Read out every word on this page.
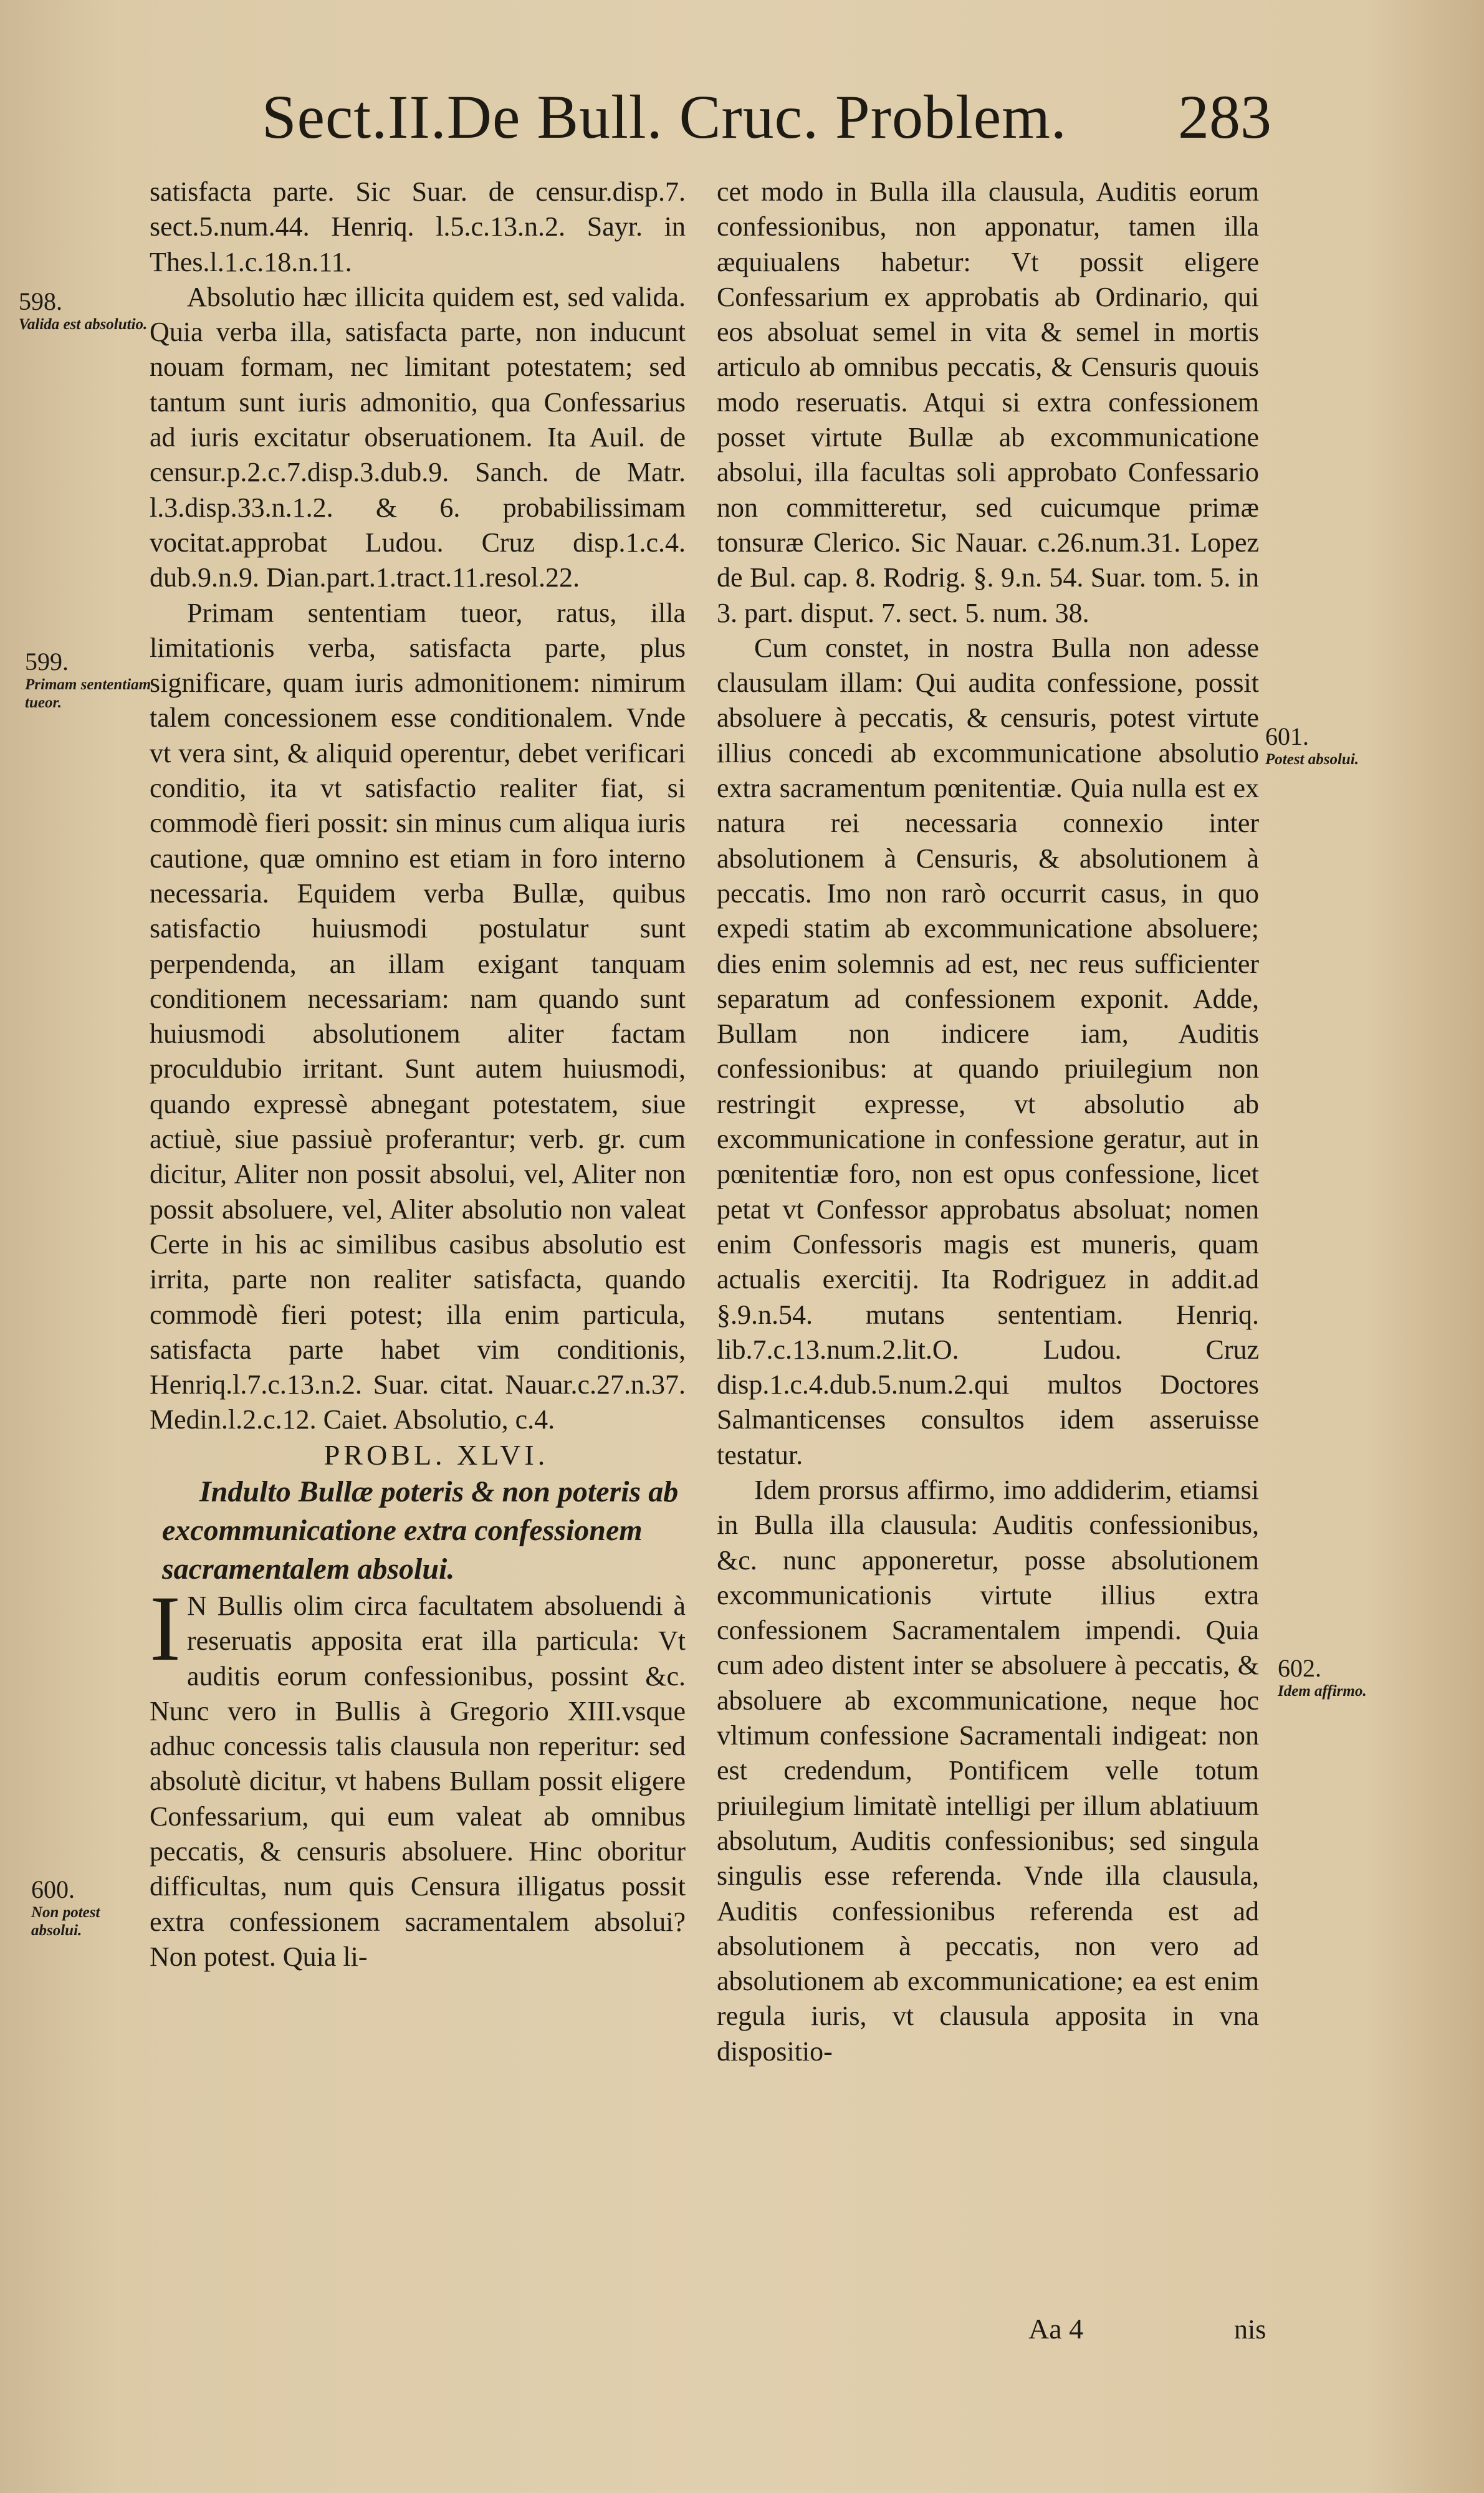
Sect.II.De Bull. Cruc. Problem. 283
598.
Valida est absolutio.
599.
Primam sententiam tueor.
600.
Non potest absolui.
601.
Potest absolui.
602.
Idem affirmo.

satisfacta parte. Sic Suar. de censur.disp.7. sect.5.num.44. Henriq. l.5.c.13.n.2. Sayr. in Thes.l.1.c.18.n.11.

Absolutio hæc illicita quidem est, sed valida. Quia verba illa, satisfacta parte, non inducunt nouam formam, nec limitant potestatem; sed tantum sunt iuris admonitio, qua Confessarius ad iuris excitatur obseruationem. Ita Auil. de censur.p.2.c.7.disp.3.dub.9. Sanch. de Matr. l.3.disp.33.n.1.2. & 6. probabilissimam vocitat.approbat Ludou. Cruz disp.1.c.4. dub.9.n.9. Dian.part.1.tract.11.resol.22.

Primam sententiam tueor, ratus, illa limitationis verba, satisfacta parte, plus significare, quam iuris admonitionem: nimirum talem concessionem esse conditionalem. Vnde vt vera sint, & aliquid operentur, debet verificari conditio, ita vt satisfactio realiter fiat, si commodè fieri possit: sin minus cum aliqua iuris cautione, quæ omnino est etiam in foro interno necessaria. Equidem verba Bullæ, quibus satisfactio huiusmodi postulatur sunt perpendenda, an illam exigant tanquam conditionem necessariam: nam quando sunt huiusmodi absolutionem aliter factam proculdubio irritant. Sunt autem huiusmodi, quando expressè abnegant potestatem, siue actiuè, siue passiuè proferantur; verb. gr. cum dicitur, Aliter non possit absolui, vel, Aliter non possit absoluere, vel, Aliter absolutio non valeat Certe in his ac similibus casibus absolutio est irrita, parte non realiter satisfacta, quando commodè fieri potest; illa enim particula, satisfacta parte habet vim conditionis, Henriq.l.7.c.13.n.2. Suar. citat. Nauar.c.27.n.37. Medin.l.2.c.12. Caiet. Absolutio, c.4.

PROBL. XLVI.

Indulto Bullæ poteris & non poteris ab excommunicatione extra confessionem sacramentalem absolui.

I N Bullis olim circa facultatem absoluendi à reseruatis apposita erat illa particula: Vt auditis eorum confessionibus, possint &c. Nunc vero in Bullis à Gregorio XIII.vsque adhuc concessis talis clausula non reperitur: sed absolutè dicitur, vt habens Bullam possit eligere Confessarium, qui eum valeat ab omnibus peccatis, & censuris absoluere. Hinc oboritur difficultas, num quis Censura illigatus possit extra confessionem sacramentalem absolui? Non potest. Quia li-

cet modo in Bulla illa clausula, Auditis eorum confessionibus, non apponatur, tamen illa æquiualens habetur: Vt possit eligere Confessarium ex approbatis ab Ordinario, qui eos absoluat semel in vita & semel in mortis articulo ab omnibus peccatis, & Censuris quouis modo reseruatis. Atqui si extra confessionem posset virtute Bullæ ab excommunicatione absolui, illa facultas soli approbato Confessario non committeretur, sed cuicumque primæ tonsuræ Clerico. Sic Nauar. c.26.num.31. Lopez de Bul. cap. 8. Rodrig. §. 9.n. 54. Suar. tom. 5. in 3. part. disput. 7. sect. 5. num. 38.

Cum constet, in nostra Bulla non adesse clausulam illam: Qui audita confessione, possit absoluere à peccatis, & censuris, potest virtute illius concedi ab excommunicatione absolutio extra sacramentum pœnitentiæ. Quia nulla est ex natura rei necessaria connexio inter absolutionem à Censuris, & absolutionem à peccatis. Imo non rarò occurrit casus, in quo expedi statim ab excommunicatione absoluere; dies enim solemnis ad est, nec reus sufficienter separatum ad confessionem exponit. Adde, Bullam non indicere iam, Auditis confessionibus: at quando priuilegium non restringit expresse, vt absolutio ab excommunicatione in confessione geratur, aut in pœnitentiæ foro, non est opus confessione, licet petat vt Confessor approbatus absoluat; nomen enim Confessoris magis est muneris, quam actualis exercitij. Ita Rodriguez in addit.ad §.9.n.54. mutans sententiam. Henriq. lib.7.c.13.num.2.lit.O. Ludou. Cruz disp.1.c.4.dub.5.num.2.qui multos Doctores Salmanticenses consultos idem asseruisse testatur.

Idem prorsus affirmo, imo addiderim, etiamsi in Bulla illa clausula: Auditis confessionibus, &c. nunc apponeretur, posse absolutionem excommunicationis virtute illius extra confessionem Sacramentalem impendi. Quia cum adeo distent inter se absoluere à peccatis, & absoluere ab excommunicatione, neque hoc vltimum confessione Sacramentali indigeat: non est credendum, Pontificem velle totum priuilegium limitatè intelligi per illum ablatiuum absolutum, Auditis confessionibus; sed singula singulis esse referenda. Vnde illa clausula, Auditis confessionibus referenda est ad absolutionem à peccatis, non vero ad absolutionem ab excommunicatione; ea est enim regula iuris, vt clausula apposita in vna dispositio-

Aa 4	nis
